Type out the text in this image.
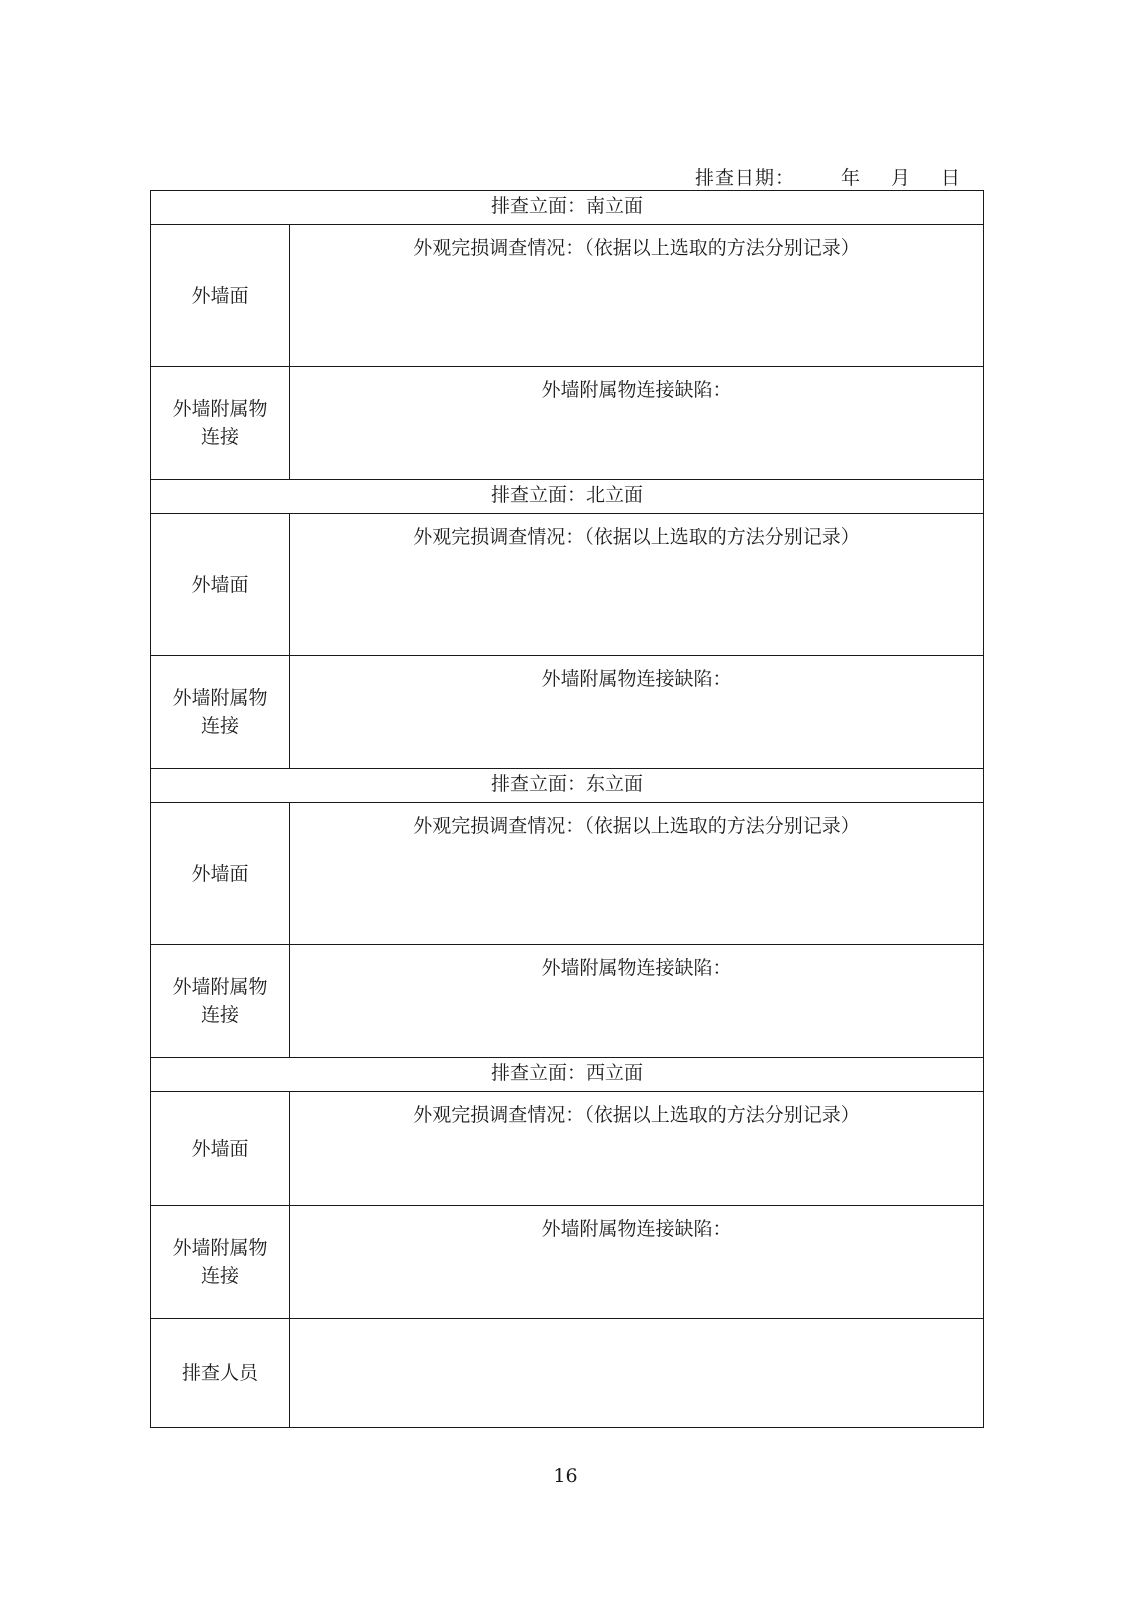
排查日期： 年 月 日
排查立面：南立面	
外墙面	外观完损调查情况：（依据以上选取的方法分别记录）

外墙附属物连接	外墙附属物连接缺陷：

排查立面：北立面	
外墙面	外观完损调查情况：（依据以上选取的方法分别记录）

外墙附属物连接	外墙附属物连接缺陷：

排查立面：东立面	
外墙面	外观完损调查情况：（依据以上选取的方法分别记录）

外墙附属物连接	外墙附属物连接缺陷：

排查立面：西立面	
外墙面	外观完损调查情况：（依据以上选取的方法分别记录）

外墙附属物连接	外墙附属物连接缺陷：

排查人员	
16
